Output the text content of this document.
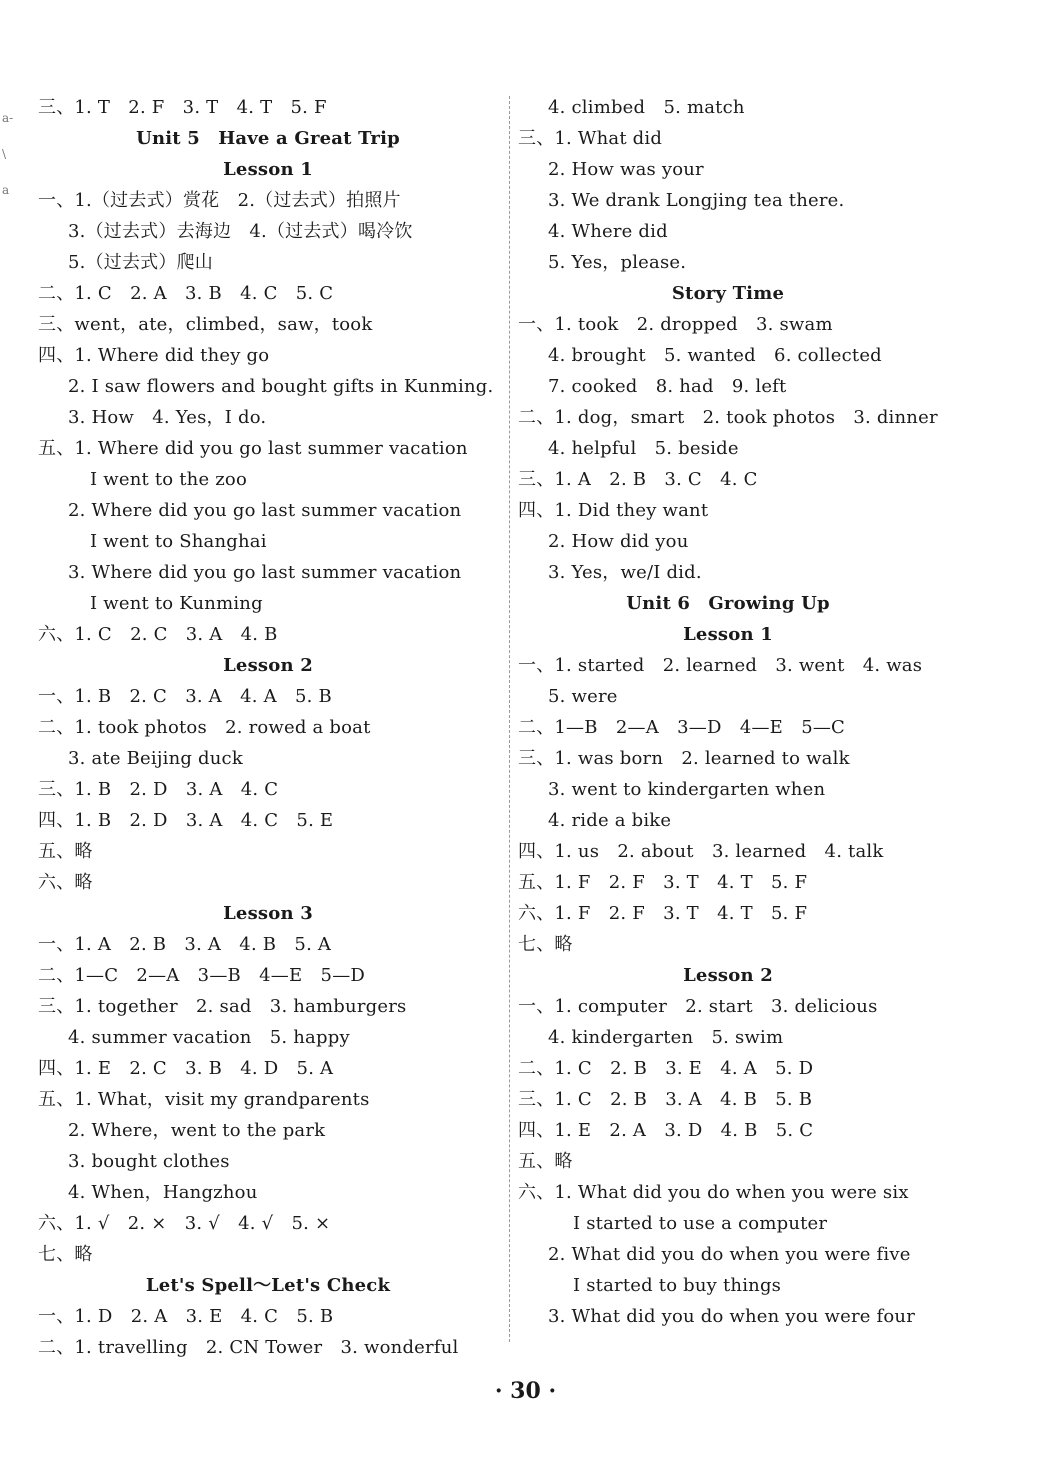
a-
\
a
三、1. T　2. F　3. T　4. T　5. F
Unit 5　Have a Great Trip
Lesson 1
一、1.（过去式）赏花　2.（过去式）拍照片
3.（过去式）去海边　4.（过去式）喝冷饮
5.（过去式）爬山
二、1. C　2. A　3. B　4. C　5. C
三、went，ate，climbed，saw，took
四、1. Where did they go
2. I saw flowers and bought gifts in Kunming.
3. How　4. Yes，I do.
五、1. Where did you go last summer vacation
I went to the zoo
2. Where did you go last summer vacation
I went to Shanghai
3. Where did you go last summer vacation
I went to Kunming
六、1. C　2. C　3. A　4. B
Lesson 2
一、1. B　2. C　3. A　4. A　5. B
二、1. took photos　2. rowed a boat
3. ate Beijing duck
三、1. B　2. D　3. A　4. C
四、1. B　2. D　3. A　4. C　5. E
五、略
六、略
Lesson 3
一、1. A　2. B　3. A　4. B　5. A
二、1—C　2—A　3—B　4—E　5—D
三、1. together　2. sad　3. hamburgers
4. summer vacation　5. happy
四、1. E　2. C　3. B　4. D　5. A
五、1. What，visit my grandparents
2. Where，went to the park
3. bought clothes
4. When，Hangzhou
六、1. √　2. ×　3. √　4. √　5. ×
七、略
Let's Spell～Let's Check
一、1. D　2. A　3. E　4. C　5. B
二、1. travelling　2. CN Tower　3. wonderful
4. climbed　5. match
三、1. What did
2. How was your
3. We drank Longjing tea there.
4. Where did
5. Yes，please.
Story Time
一、1. took　2. dropped　3. swam
4. brought　5. wanted　6. collected
7. cooked　8. had　9. left
二、1. dog，smart　2. took photos　3. dinner
4. helpful　5. beside
三、1. A　2. B　3. C　4. C
四、1. Did they want
2. How did you
3. Yes，we/I did.
Unit 6　Growing Up
Lesson 1
一、1. started　2. learned　3. went　4. was
5. were
二、1—B　2—A　3—D　4—E　5—C
三、1. was born　2. learned to walk
3. went to kindergarten when
4. ride a bike
四、1. us　2. about　3. learned　4. talk
五、1. F　2. F　3. T　4. T　5. F
六、1. F　2. F　3. T　4. T　5. F
七、略
Lesson 2
一、1. computer　2. start　3. delicious
4. kindergarten　5. swim
二、1. C　2. B　3. E　4. A　5. D
三、1. C　2. B　3. A　4. B　5. B
四、1. E　2. A　3. D　4. B　5. C
五、略
六、1. What did you do when you were six
I started to use a computer
2. What did you do when you were five
I started to buy things
3. What did you do when you were four
· 30 ·
